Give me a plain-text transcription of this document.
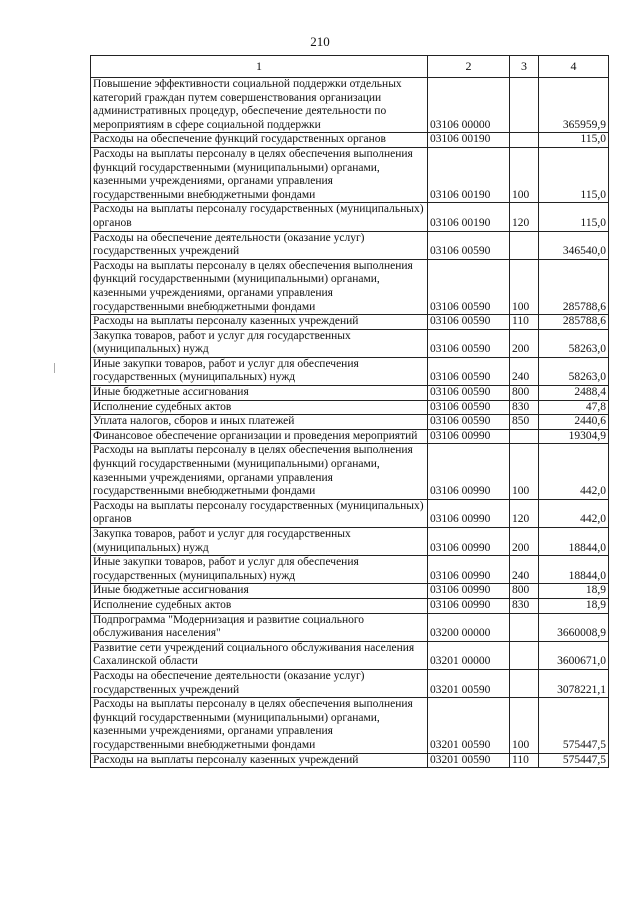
210
1	2	3	4
Повышение эффективности социальной поддержки отдельных категорий граждан путем совершенствования организации административных процедур, обеспечение деятельности по мероприятиям в сфере социальной поддержки	03106 00000		365959,9
Расходы на обеспечение функций государственных органов	03106 00190		115,0
Расходы на выплаты персоналу в целях обеспечения выполнения функций государственными (муниципальными) органами, казенными учреждениями, органами управления государственными внебюджетными фондами	03106 00190	100	115,0
Расходы на выплаты персоналу государственных (муниципальных) органов	03106 00190	120	115,0
Расходы на обеспечение деятельности (оказание услуг) государственных учреждений	03106 00590		346540,0
Расходы на выплаты персоналу в целях обеспечения выполнения функций государственными (муниципальными) органами, казенными учреждениями, органами управления государственными внебюджетными фондами	03106 00590	100	285788,6
Расходы на выплаты персоналу казенных учреждений	03106 00590	110	285788,6
Закупка товаров, работ и услуг для государственных (муниципальных) нужд	03106 00590	200	58263,0
Иные закупки товаров, работ и услуг для обеспечения государственных (муниципальных) нужд	03106 00590	240	58263,0
Иные бюджетные ассигнования	03106 00590	800	2488,4
Исполнение судебных актов	03106 00590	830	47,8
Уплата налогов, сборов и иных платежей	03106 00590	850	2440,6
Финансовое обеспечение организации и проведения мероприятий	03106 00990		19304,9
Расходы на выплаты персоналу в целях обеспечения выполнения функций государственными (муниципальными) органами, казенными учреждениями, органами управления государственными внебюджетными фондами	03106 00990	100	442,0
Расходы на выплаты персоналу государственных (муниципальных) органов	03106 00990	120	442,0
Закупка товаров, работ и услуг для государственных (муниципальных) нужд	03106 00990	200	18844,0
Иные закупки товаров, работ и услуг для обеспечения государственных (муниципальных) нужд	03106 00990	240	18844,0
Иные бюджетные ассигнования	03106 00990	800	18,9
Исполнение судебных актов	03106 00990	830	18,9
Подпрограмма "Модернизация и развитие социального обслуживания населения"	03200 00000		3660008,9
Развитие сети учреждений социального обслуживания населения Сахалинской области	03201 00000		3600671,0
Расходы на обеспечение деятельности (оказание услуг) государственных учреждений	03201 00590		3078221,1
Расходы на выплаты персоналу в целях обеспечения выполнения функций государственными (муниципальными) органами, казенными учреждениями, органами управления государственными внебюджетными фондами	03201 00590	100	575447,5
Расходы на выплаты персоналу казенных учреждений	03201 00590	110	575447,5
